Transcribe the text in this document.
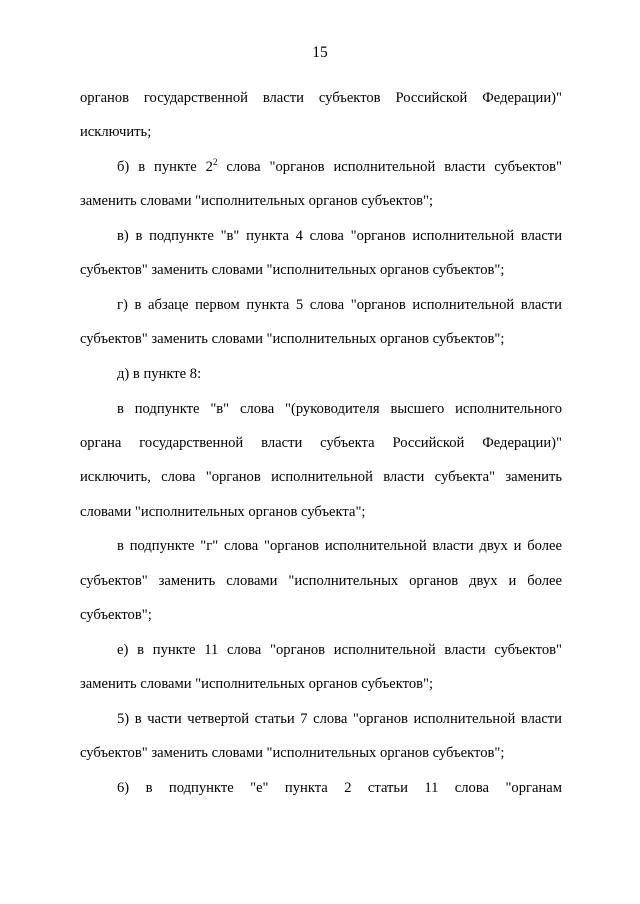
15
органов государственной власти субъектов Российской Федерации)"
исключить;
б) в пункте $2^2$ слова "органов исполнительной власти субъектов"
заменить словами "исполнительных органов субъектов";
в) в подпункте "в" пункта 4 слова "органов исполнительной власти
субъектов" заменить словами "исполнительных органов субъектов";
г) в абзаце первом пункта 5 слова "органов исполнительной власти
субъектов" заменить словами "исполнительных органов субъектов";
д) в пункте 8:
в подпункте "в" слова "(руководителя высшего исполнительного
органа государственной власти субъекта Российской Федерации)"
исключить, слова "органов исполнительной власти субъекта" заменить
словами "исполнительных органов субъекта";
в подпункте "г" слова "органов исполнительной власти двух и более
субъектов" заменить словами "исполнительных органов двух и более
субъектов";
е) в пункте 11 слова "органов исполнительной власти субъектов"
заменить словами "исполнительных органов субъектов";
5) в части четвертой статьи 7 слова "органов исполнительной власти
субъектов" заменить словами "исполнительных органов субъектов";
6) в подпункте "е" пункта 2 статьи 11 слова "органам
